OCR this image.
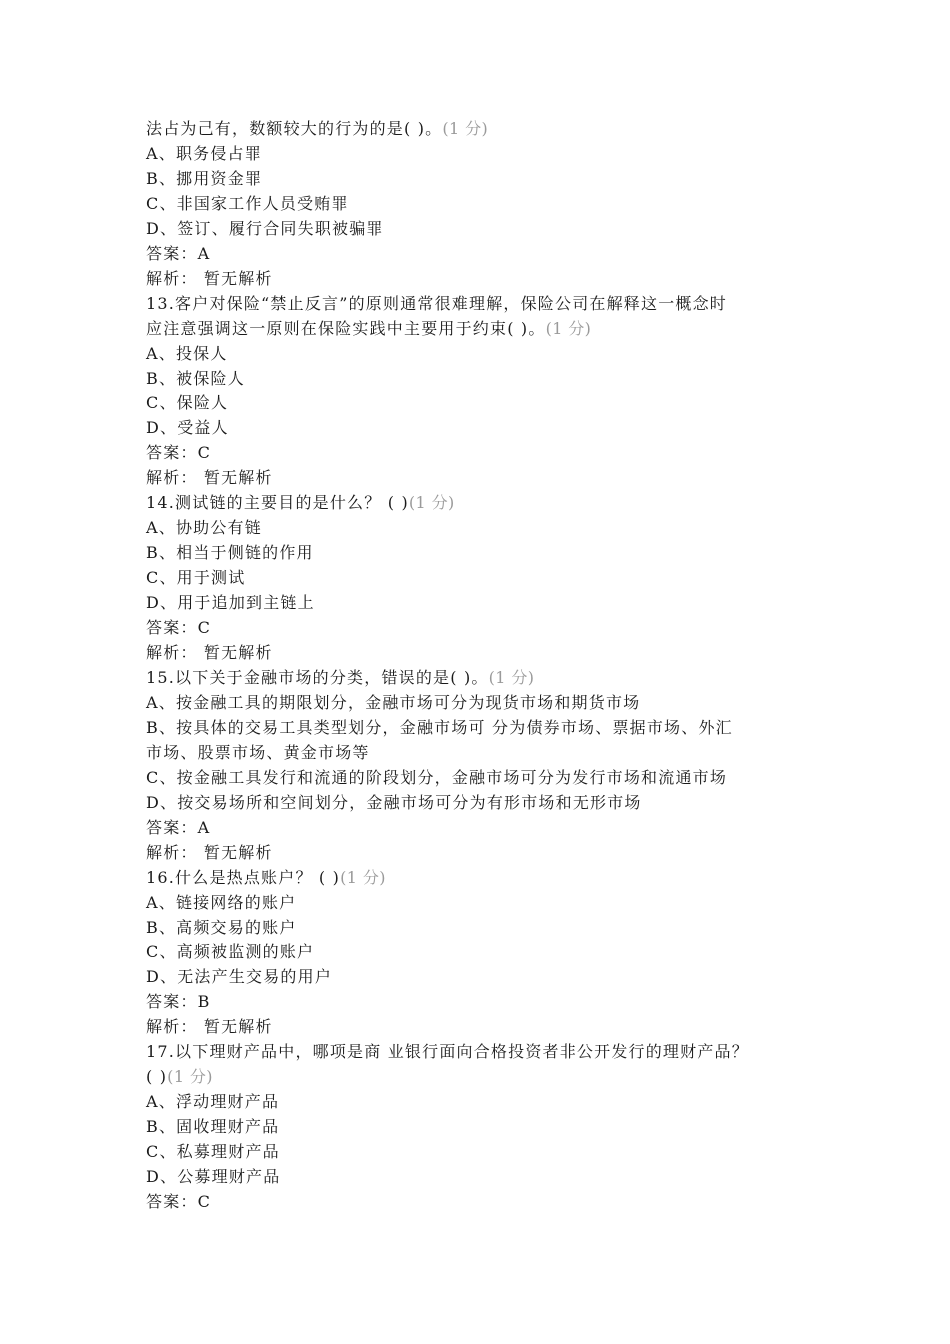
法占为己有，数额较大的行为的是( )。(1 分)

A、职务侵占罪

B、挪用资金罪

C、非国家工作人员受贿罪

D、签订、履行合同失职被骗罪

答案：A

解析： 暂无解析

13.客户对保险“禁止反言”的原则通常很难理解，保险公司在解释这一概念时

应注意强调这一原则在保险实践中主要用于约束( )。(1 分)

A、投保人

B、被保险人

C、保险人

D、受益人

答案：C

解析： 暂无解析

14.测试链的主要目的是什么？ ( )(1 分)

A、协助公有链

B、相当于侧链的作用

C、用于测试

D、用于追加到主链上

答案：C

解析： 暂无解析

15.以下关于金融市场的分类，错误的是( )。(1 分)

A、按金融工具的期限划分，金融市场可分为现货市场和期货市场

B、按具体的交易工具类型划分，金融市场可 分为债券市场、票据市场、外汇

市场、股票市场、黄金市场等

C、按金融工具发行和流通的阶段划分，金融市场可分为发行市场和流通市场

D、按交易场所和空间划分，金融市场可分为有形市场和无形市场

答案：A

解析： 暂无解析

16.什么是热点账户？ ( )(1 分)

A、链接网络的账户

B、高频交易的账户

C、高频被监测的账户

D、无法产生交易的用户

答案：B

解析： 暂无解析

17.以下理财产品中，哪项是商 业银行面向合格投资者非公开发行的理财产品？

( )(1 分)

A、浮动理财产品

B、固收理财产品

C、私募理财产品

D、公募理财产品

答案：C
